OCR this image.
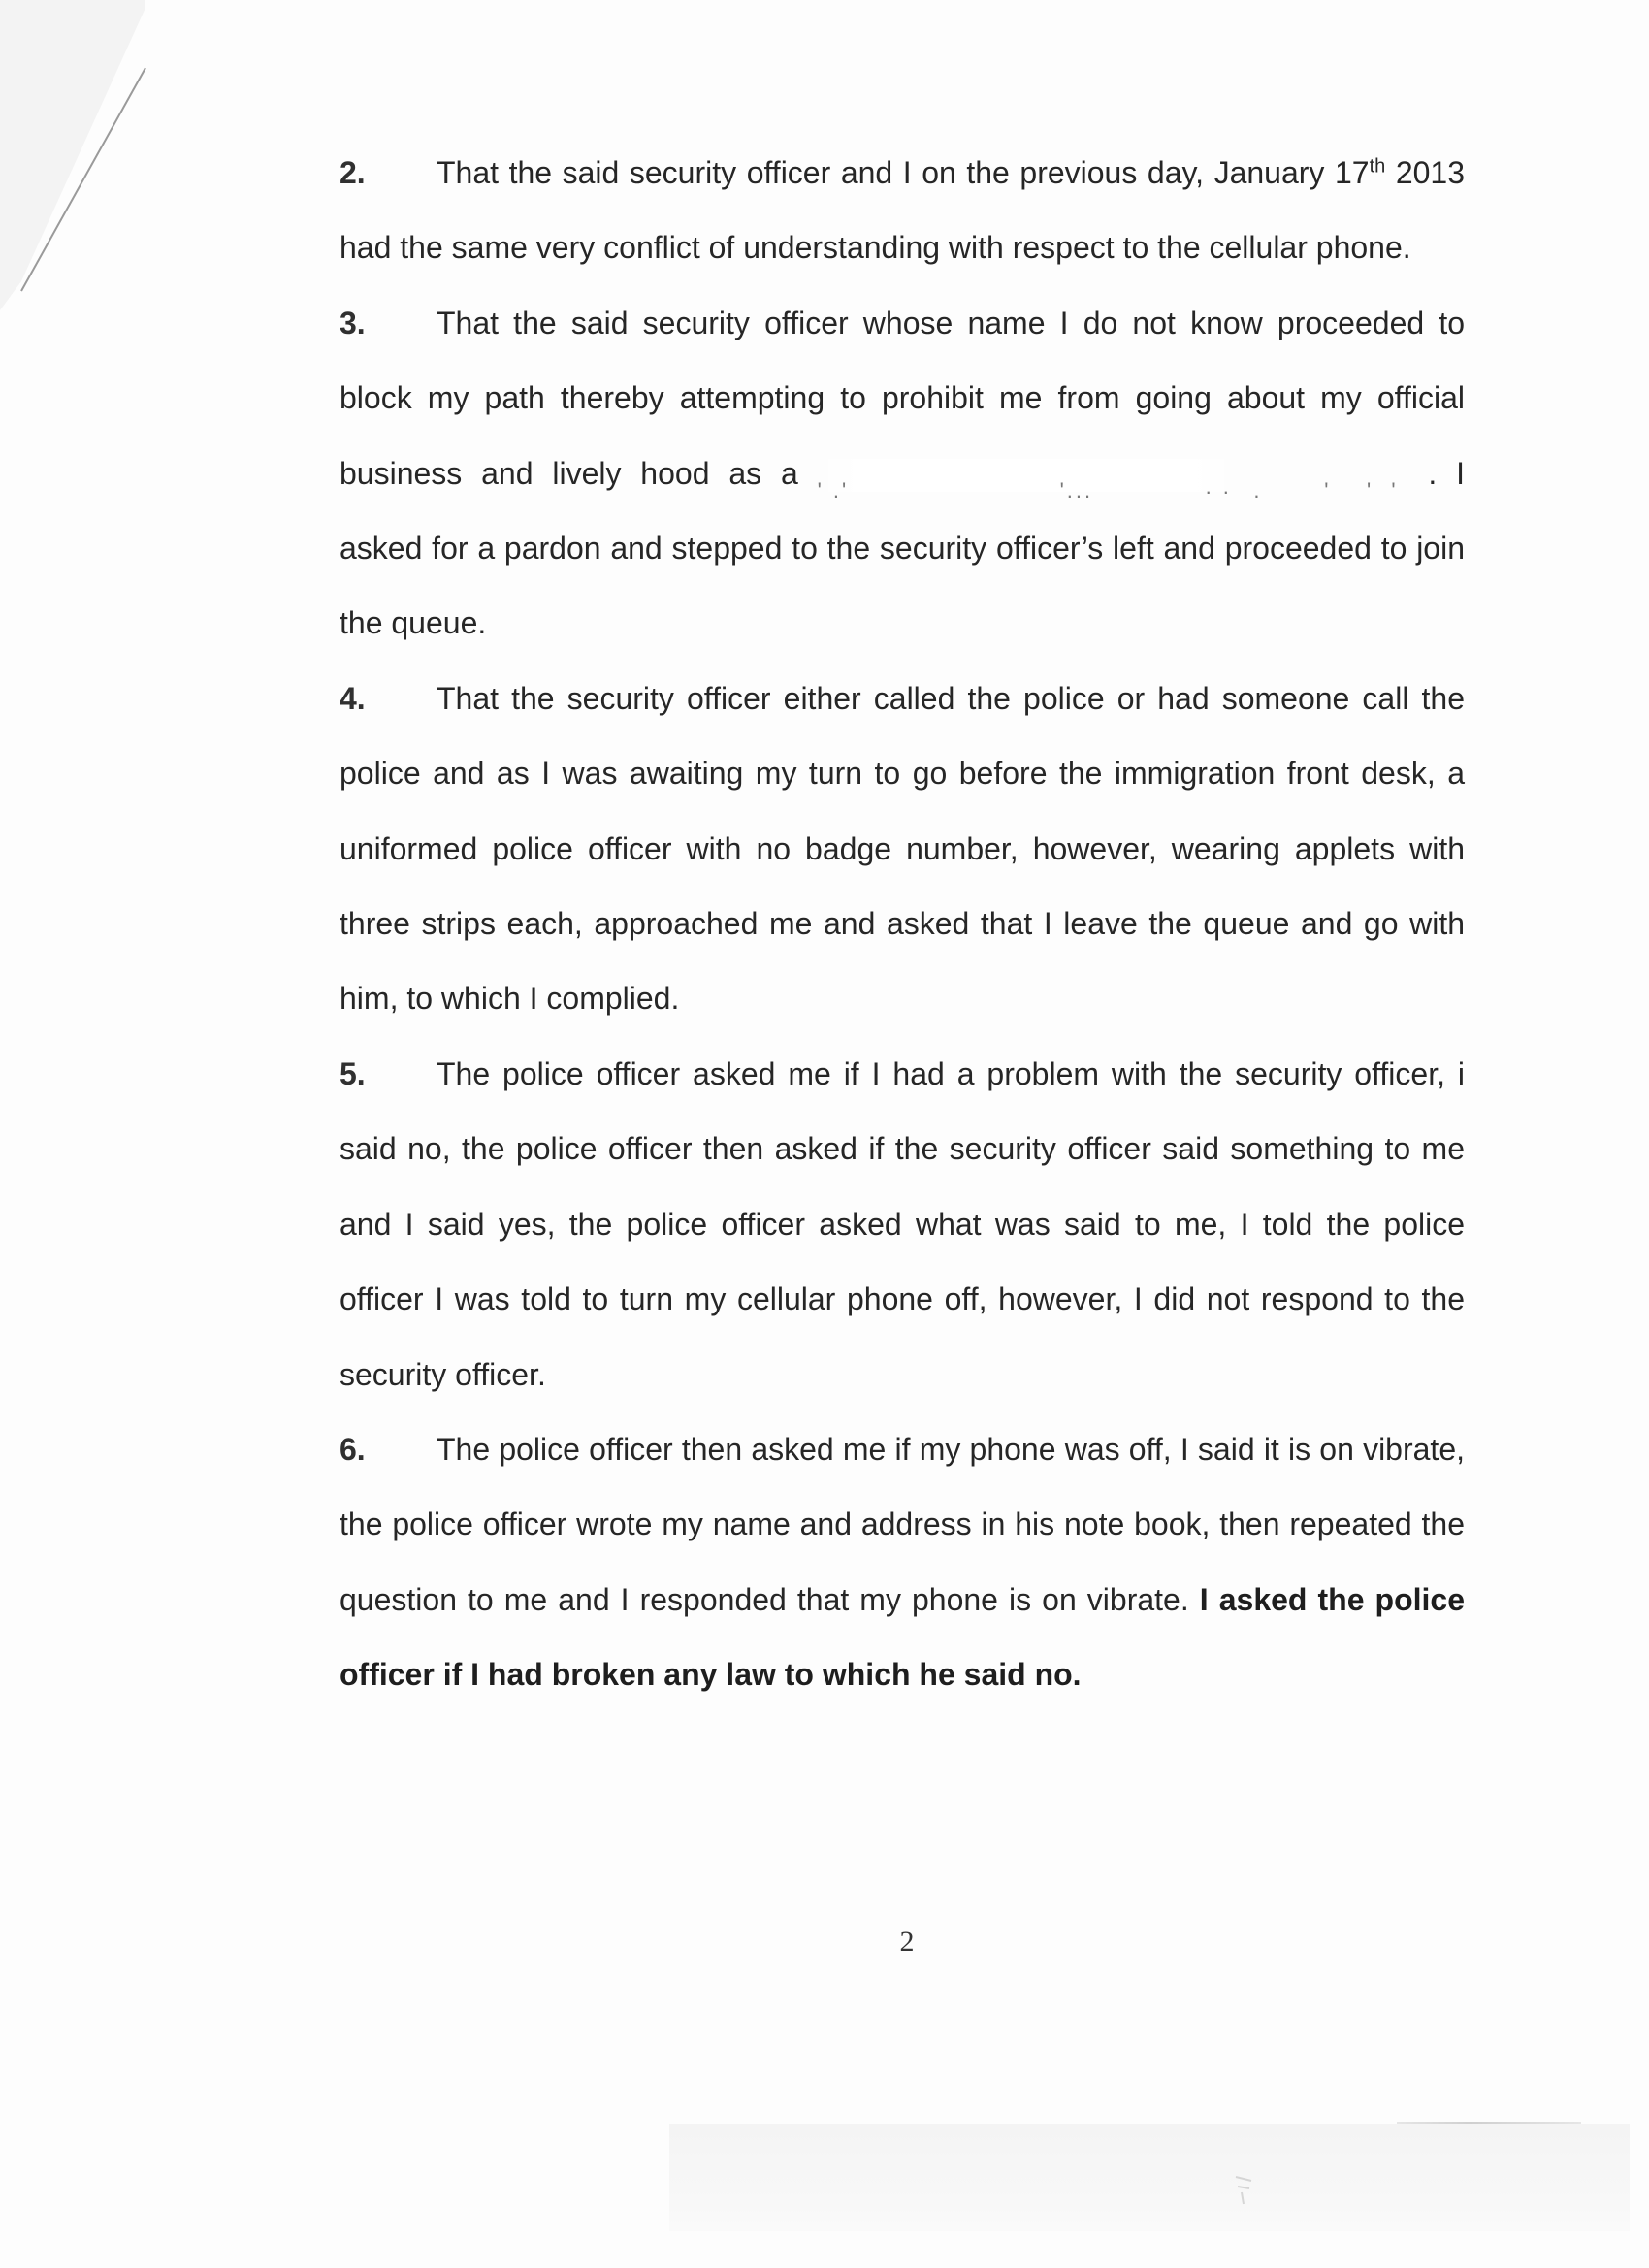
2. That the said security officer and I on the previous day, January 17th 2013 had the same very conflict of understanding with respect to the cellular phone.

3. That the said security officer whose name I do not know proceeded to block my path thereby attempting to prohibit me from going about my official business and lively hood as a
' .'	'...	. .
.       '    '  '
. I asked for a pardon and stepped to the security officer’s left and proceeded to join the queue.

4. That the security officer either called the police or had someone call the police and as I was awaiting my turn to go before the immigration front desk, a uniformed police officer with no badge number, however, wearing applets with three strips each, approached me and asked that I leave the queue and go with him, to which I complied.

5. The police officer asked me if I had a problem with the security officer, i said no, the police officer then asked if the security officer said something to me and I said yes, the police officer asked what was said to me, I told the police officer I was told to turn my cellular phone off, however, I did not respond to the security officer.

6. The police officer then asked me if my phone was off, I said it is on vibrate, the police officer wrote my name and address in his note book, then repeated the question to me and I responded that my phone is on vibrate. I asked the police officer if I had broken any law to which he said no.

2
